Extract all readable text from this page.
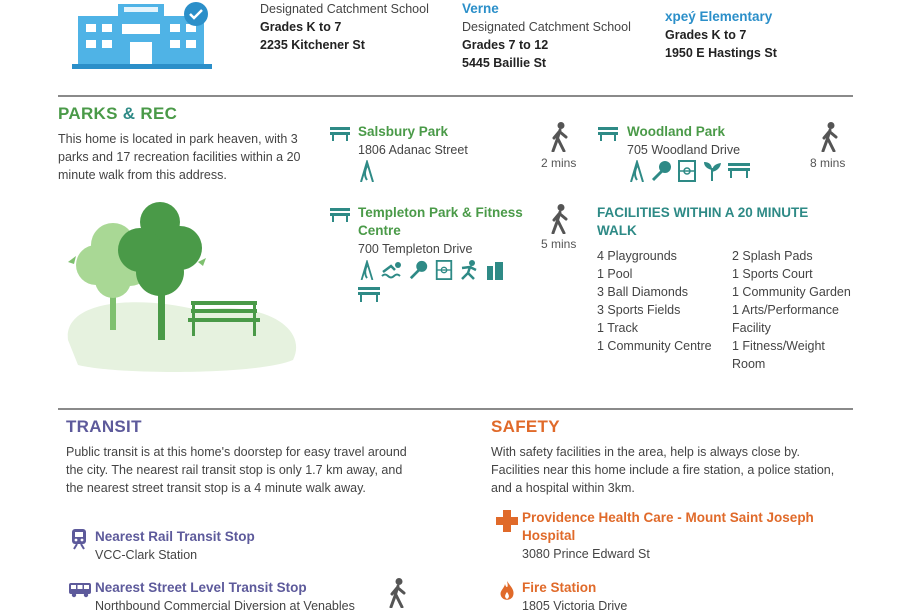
Designated Catchment School
Grades K to 7
2235 Kitchener St
Verne
Designated Catchment School
Grades 7 to 12
5445 Baillie St
xpeý Elementary
Grades K to 7
1950 E Hastings St
PARKS & REC
This home is located in park heaven, with 3 parks and 17 recreation facilities within a 20 minute walk from this address.
Salsbury Park
1806 Adanac Street
2 mins
Woodland Park
705 Woodland Drive
8 mins
Templeton Park & Fitness Centre
700 Templeton Drive	5 mins
FACILITIES WITHIN A 20 MINUTE WALK
4 Playgrounds
1 Pool
3 Ball Diamonds
3 Sports Fields
1 Track
1 Community Centre
2 Splash Pads
1 Sports Court
1 Community Garden
1 Arts/Performance Facility
1 Fitness/Weight Room
TRANSIT
Public transit is at this home's doorstep for easy travel around the city. The nearest rail transit stop is only 1.7 km away, and the nearest street transit stop is a 4 minute walk away.
Nearest Rail Transit Stop
VCC-Clark Station
Nearest Street Level Transit Stop
Northbound Commercial Diversion at Venables
SAFETY
With safety facilities in the area, help is always close by. Facilities near this home include a fire station, a police station, and a hospital within 3km.
Providence Health Care - Mount Saint Joseph Hospital
3080 Prince Edward St
Fire Station
1805 Victoria Drive
